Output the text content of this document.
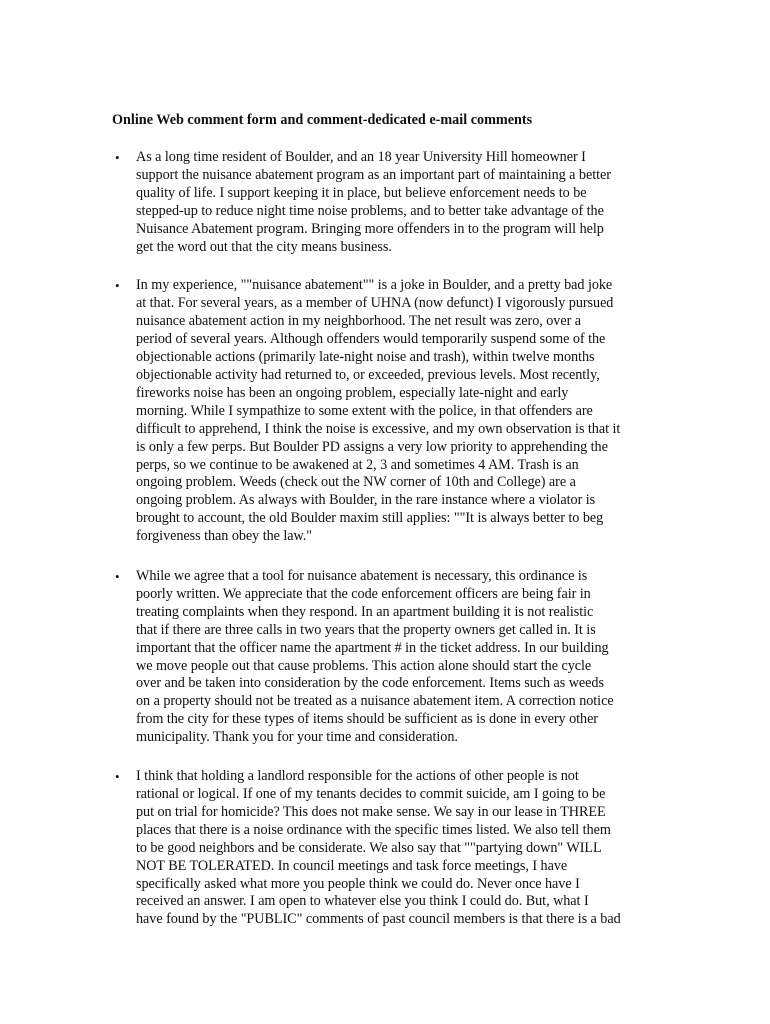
Online Web comment form and comment-dedicated e-mail comments
•	As a long time resident of Boulder, and an 18 year University Hill homeowner I
support the nuisance abatement program as an important part of maintaining a better
quality of life. I support keeping it in place, but believe enforcement needs to be
stepped-up to reduce night time noise problems, and to better take advantage of the
Nuisance Abatement program. Bringing more offenders in to the program will help
get the word out that the city means business.

•	In my experience, ""nuisance abatement"" is a joke in Boulder, and a pretty bad joke
at that. For several years, as a member of UHNA (now defunct) I vigorously pursued
nuisance abatement action in my neighborhood. The net result was zero, over a
period of several years. Although offenders would temporarily suspend some of the
objectionable actions (primarily late-night noise and trash), within twelve months
objectionable activity had returned to, or exceeded, previous levels. Most recently,
fireworks noise has been an ongoing problem, especially late-night and early
morning. While I sympathize to some extent with the police, in that offenders are
difficult to apprehend, I think the noise is excessive, and my own observation is that it
is only a few perps. But Boulder PD assigns a very low priority to apprehending the
perps, so we continue to be awakened at 2, 3 and sometimes 4 AM. Trash is an
ongoing problem. Weeds (check out the NW corner of 10th and College) are a
ongoing problem. As always with Boulder, in the rare instance where a violator is
brought to account, the old Boulder maxim still applies: ""It is always better to beg
forgiveness than obey the law."

•	While we agree that a tool for nuisance abatement is necessary, this ordinance is
poorly written. We appreciate that the code enforcement officers are being fair in
treating complaints when they respond. In an apartment building it is not realistic
that if there are three calls in two years that the property owners get called in. It is
important that the officer name the apartment # in the ticket address. In our building
we move people out that cause problems. This action alone should start the cycle
over and be taken into consideration by the code enforcement. Items such as weeds
on a property should not be treated as a nuisance abatement item. A correction notice
from the city for these types of items should be sufficient as is done in every other
municipality. Thank you for your time and consideration.

•	I think that holding a landlord responsible for the actions of other people is not
rational or logical. If one of my tenants decides to commit suicide, am I going to be
put on trial for homicide? This does not make sense. We say in our lease in THREE
places that there is a noise ordinance with the specific times listed. We also tell them
to be good neighbors and be considerate. We also say that ""partying down" WILL
NOT BE TOLERATED. In council meetings and task force meetings, I have
specifically asked what more you people think we could do. Never once have I
received an answer. I am open to whatever else you think I could do. But, what I
have found by the "PUBLIC" comments of past council members is that there is a bad
